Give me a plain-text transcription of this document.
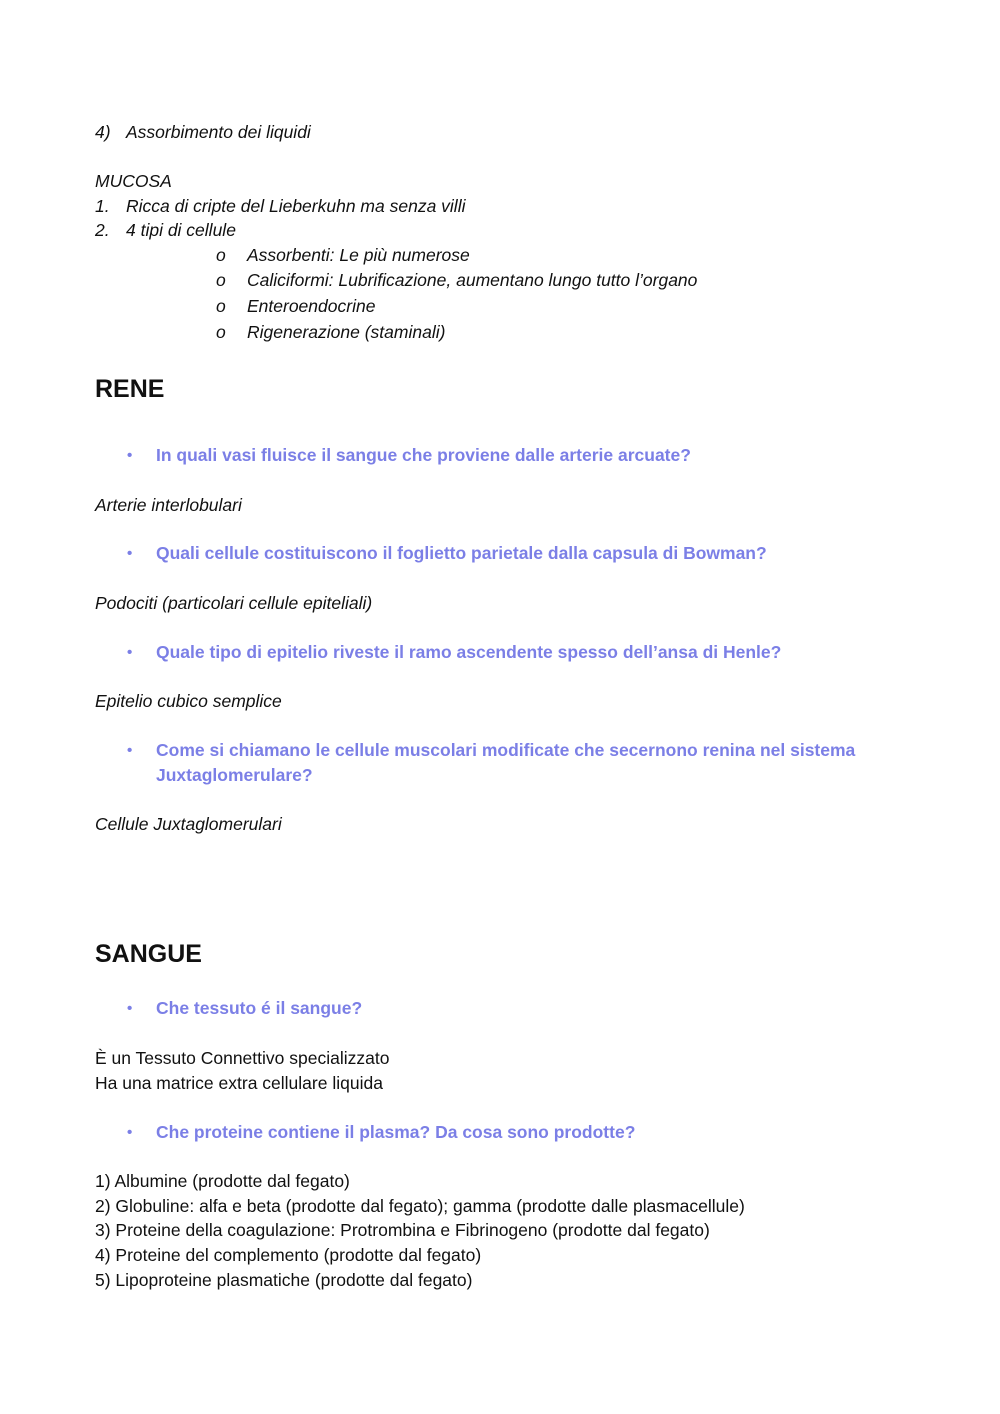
4) Assorbimento dei liquidi
MUCOSA
1. Ricca di cripte del Lieberkuhn ma senza villi
2. 4 tipi di cellule
o Assorbenti: Le più numerose
o Caliciformi: Lubrificazione, aumentano lungo tutto l’organo
o Enteroendocrine
o Rigenerazione (staminali)
RENE
• In quali vasi fluisce il sangue che proviene dalle arterie arcuate?
Arterie interlobulari
• Quali cellule costituiscono il foglietto parietale dalla capsula di Bowman?
Podociti (particolari cellule epiteliali)
• Quale tipo di epitelio riveste il ramo ascendente spesso dell’ansa di Henle?
Epitelio cubico semplice
• Come si chiamano le cellule muscolari modificate che secernono renina nel sistema
Juxtaglomerulare?
Cellule Juxtaglomerulari
SANGUE
• Che tessuto é il sangue?
È un Tessuto Connettivo specializzato
Ha una matrice extra cellulare liquida
• Che proteine contiene il plasma? Da cosa sono prodotte?
1) Albumine (prodotte dal fegato)
2) Globuline: alfa e beta (prodotte dal fegato); gamma (prodotte dalle plasmacellule)
3) Proteine della coagulazione: Protrombina e Fibrinogeno (prodotte dal fegato)
4) Proteine del complemento (prodotte dal fegato)
5) Lipoproteine plasmatiche (prodotte dal fegato)
